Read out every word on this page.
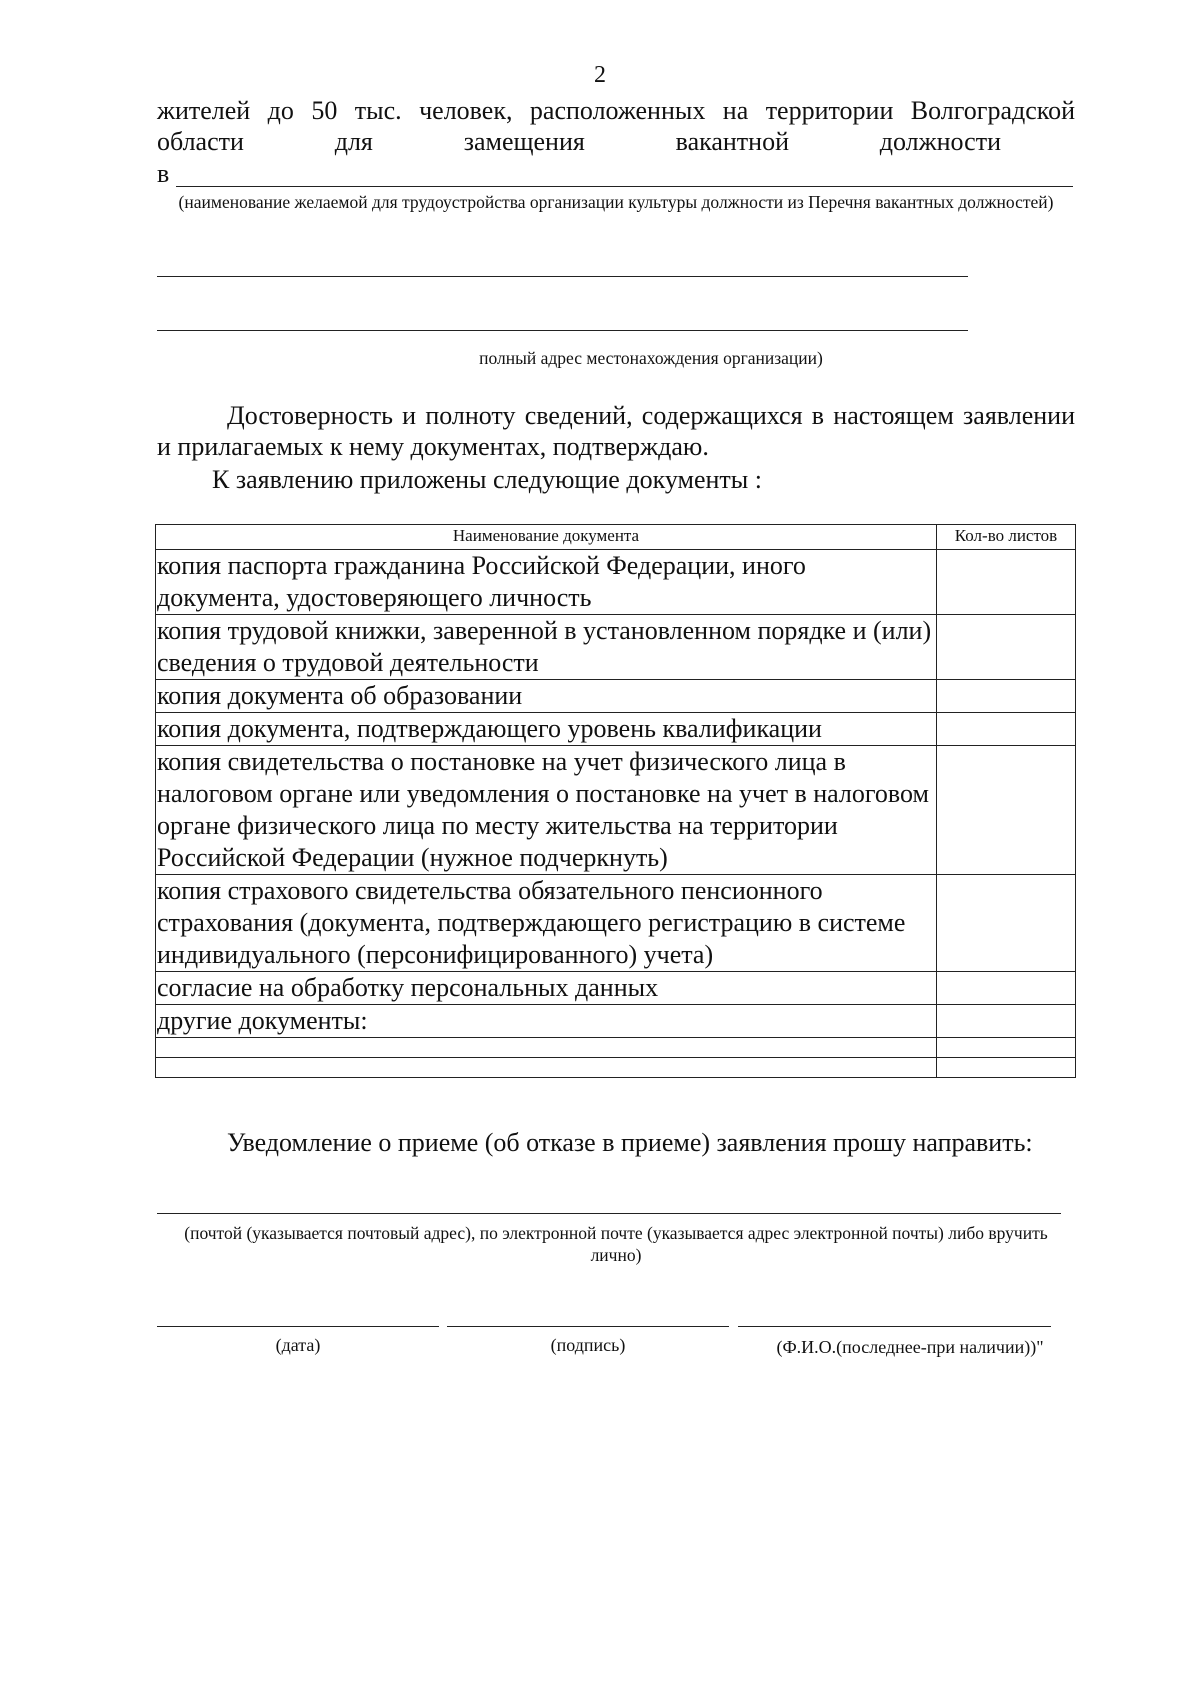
2
жителей до 50 тыс. человек, расположенных на территории Волгоградской
области	для	замещения	вакантной	должности
в
(наименование желаемой для трудоустройства организации культуры должности из Перечня вакантных должностей)
полный адрес местонахождения организации)
Достоверность и полноту сведений, содержащихся в настоящем заявлении и прилагаемых к нему документах, подтверждаю.
К заявлению приложены следующие документы :
Наименование документа	Кол-во листов
копия паспорта гражданина Российской Федерации, иного документа, удостоверяющего личность	
копия трудовой книжки, заверенной в установленном порядке и (или) сведения о трудовой деятельности	
копия документа об образовании	
копия документа, подтверждающего уровень квалификации	
копия свидетельства о постановке на учет физического лица в налоговом органе или уведомления о постановке на учет в налоговом органе физического лица по месту жительства на территории Российской Федерации (нужное подчеркнуть)	
копия страхового свидетельства обязательного пенсионного страхования (документа, подтверждающего регистрацию в системе индивидуального (персонифицированного) учета)	
согласие на обработку персональных данных	
другие документы:	

Уведомление о приеме (об отказе в приеме) заявления прошу направить:
(почтой (указывается почтовый адрес), по электронной почте (указывается адрес электронной почты) либо вручить лично)
(дата)	(подпись)	(Ф.И.О.(последнее-при наличии))"
